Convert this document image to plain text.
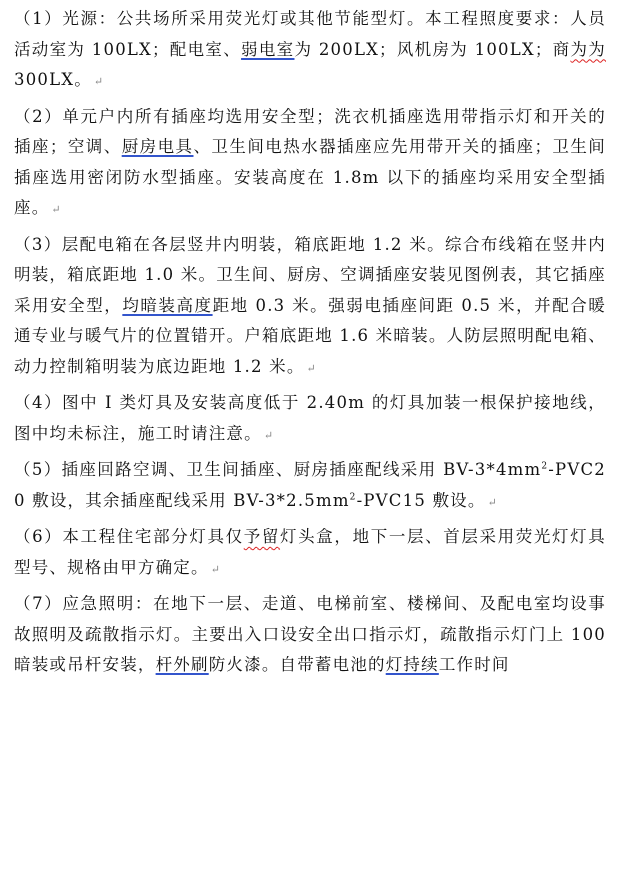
（1）光源：公共场所采用荧光灯或其他节能型灯。本工程照度要求：人员活动室为 100LX；配电室、弱电室为 200LX；风机房为 100LX；商为为300LX。 ↵

（2）单元户内所有插座均选用安全型；洗衣机插座选用带指示灯和开关的插座；空调、厨房电具、卫生间电热水器插座应先用带开关的插座；卫生间插座选用密闭防水型插座。安装高度在 1.8m 以下的插座均采用安全型插座。 ↵

（3）层配电箱在各层竖井内明装，箱底距地 1.2 米。综合布线箱在竖井内明装，箱底距地 1.0 米。卫生间、厨房、空调插座安装见图例表，其它插座采用安全型，均暗装高度距地 0.3 米。强弱电插座间距 0.5 米，并配合暖通专业与暖气片的位置错开。户箱底距地 1.6 米暗装。人防层照明配电箱、动力控制箱明装为底边距地 1.2 米。 ↵

（4）图中 I 类灯具及安装高度低于 2.40m 的灯具加装一根保护接地线，图中均未标注，施工时请注意。 ↵

（5）插座回路空调、卫生间插座、厨房插座配线采用 $BV-3*4mm^2-PVC20$ 敷设，其余插座配线采用 $BV-3*2.5mm^2-PVC15$ 敷设。 ↵

（6）本工程住宅部分灯具仅予留灯头盒，地下一层、首层采用荧光灯灯具型号、规格由甲方确定。 ↵

（7）应急照明：在地下一层、走道、电梯前室、楼梯间、及配电室均设事故照明及疏散指示灯。主要出入口设安全出口指示灯，疏散指示灯门上 100 暗装或吊杆安装，杆外刷防火漆。自带蓄电池的灯持续工作时间
